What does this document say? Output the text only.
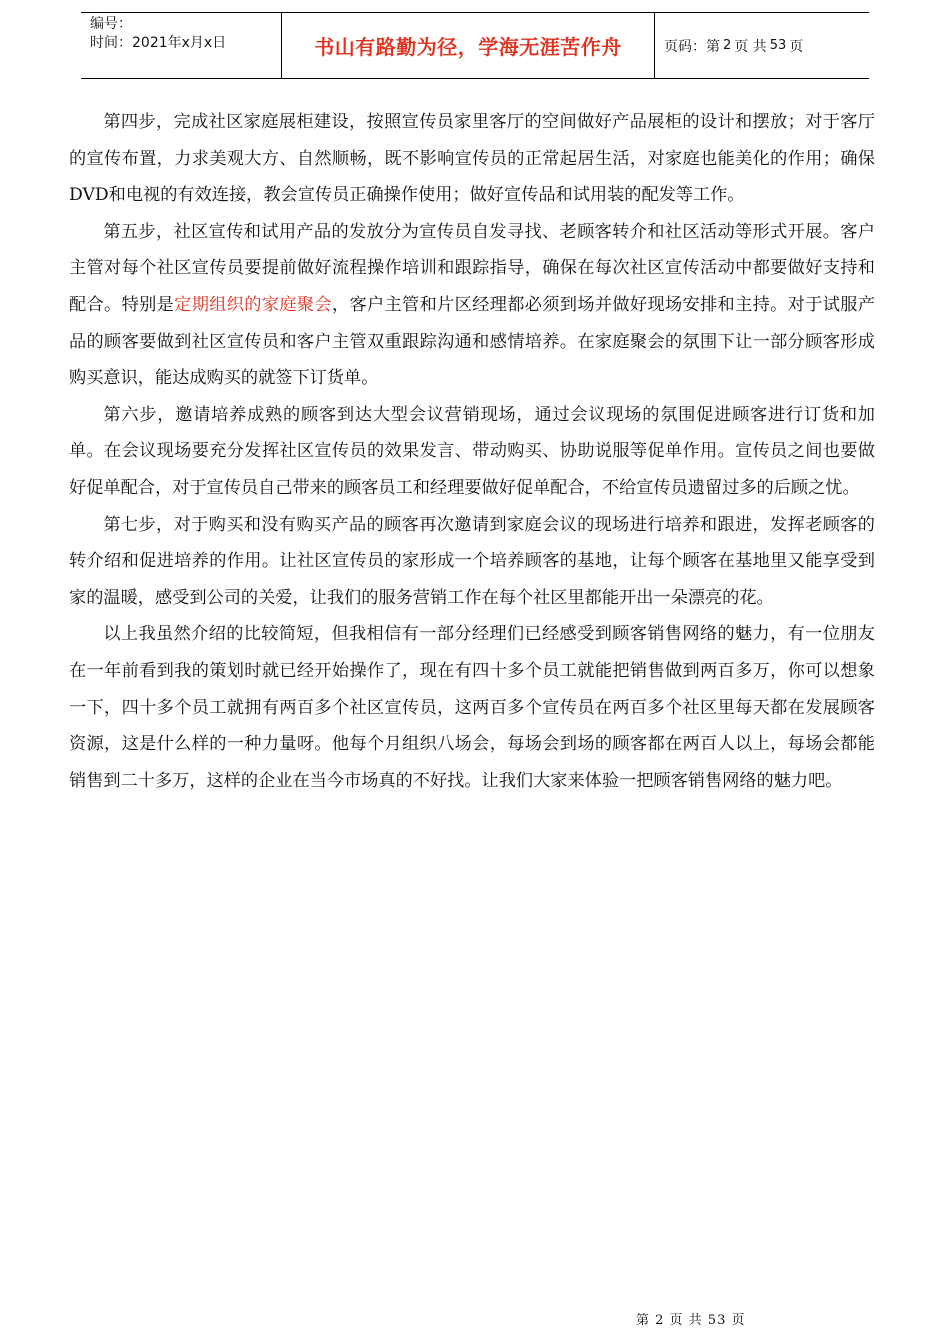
编号：
时间：2021年x月x日	书山有路勤为径，学海无涯苦作舟	页码：第 2 页 共 53 页

第四步，完成社区家庭展柜建设，按照宣传员家里客厅的空间做好产品展柜的设计和摆放；对于客厅的宣传布置，力求美观大方、自然顺畅，既不影响宣传员的正常起居生活，对家庭也能美化的作用；确保DVD和电视的有效连接，教会宣传员正确操作使用；做好宣传品和试用装的配发等工作。

第五步，社区宣传和试用产品的发放分为宣传员自发寻找、老顾客转介和社区活动等形式开展。客户主管对每个社区宣传员要提前做好流程操作培训和跟踪指导，确保在每次社区宣传活动中都要做好支持和配合。特别是定期组织的家庭聚会，客户主管和片区经理都必须到场并做好现场安排和主持。对于试服产品的顾客要做到社区宣传员和客户主管双重跟踪沟通和感情培养。在家庭聚会的氛围下让一部分顾客形成购买意识，能达成购买的就签下订货单。

第六步，邀请培养成熟的顾客到达大型会议营销现场，通过会议现场的氛围促进顾客进行订货和加单。在会议现场要充分发挥社区宣传员的效果发言、带动购买、协助说服等促单作用。宣传员之间也要做好促单配合，对于宣传员自己带来的顾客员工和经理要做好促单配合，不给宣传员遗留过多的后顾之忧。

第七步，对于购买和没有购买产品的顾客再次邀请到家庭会议的现场进行培养和跟进，发挥老顾客的转介绍和促进培养的作用。让社区宣传员的家形成一个培养顾客的基地，让每个顾客在基地里又能享受到家的温暖，感受到公司的关爱，让我们的服务营销工作在每个社区里都能开出一朵漂亮的花。

以上我虽然介绍的比较简短，但我相信有一部分经理们已经感受到顾客销售网络的魅力，有一位朋友在一年前看到我的策划时就已经开始操作了，现在有四十多个员工就能把销售做到两百多万，你可以想象一下，四十多个员工就拥有两百多个社区宣传员，这两百多个宣传员在两百多个社区里每天都在发展顾客资源，这是什么样的一种力量呀。他每个月组织八场会，每场会到场的顾客都在两百人以上，每场会都能销售到二十多万，这样的企业在当今市场真的不好找。让我们大家来体验一把顾客销售网络的魅力吧。

第 2 页 共 53 页
